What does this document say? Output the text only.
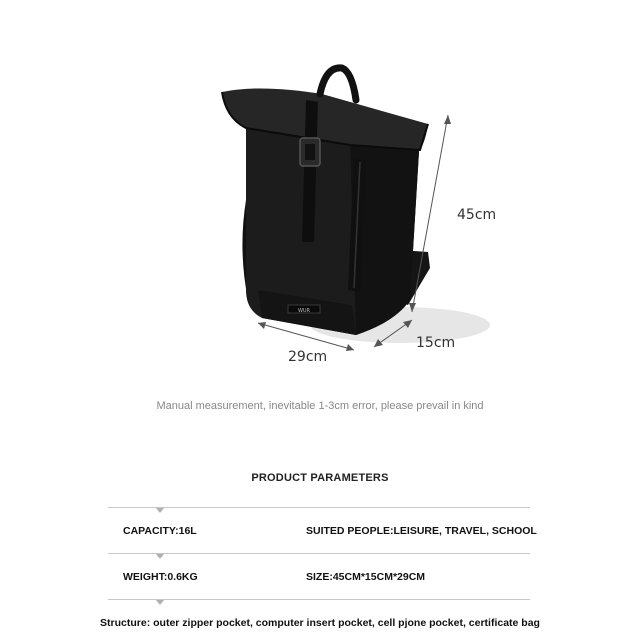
WUR
45cm
15cm
29cm
Manual measurement, inevitable 1-3cm error, please prevail in kind
PRODUCT PARAMETERS
CAPACITY:16L	SUITED PEOPLE:LEISURE, TRAVEL, SCHOOL
WEIGHT:0.6KG	SIZE:45CM*15CM*29CM
Structure: outer zipper pocket, computer insert pocket, cell pjone pocket, certificate bag
